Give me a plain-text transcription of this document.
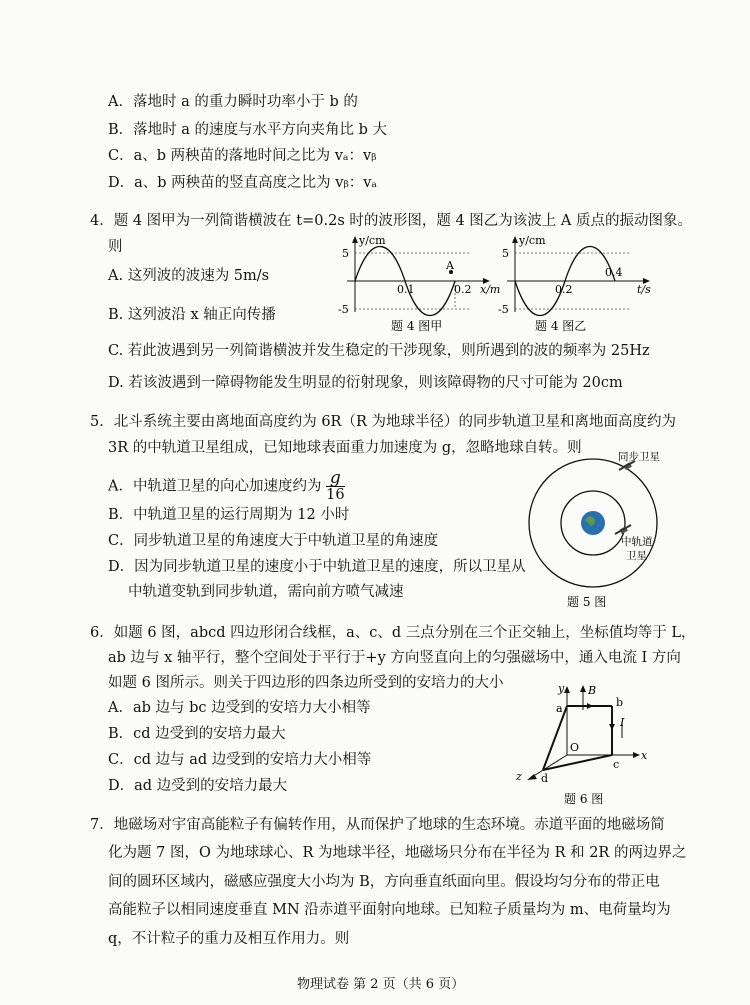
A．落地时 a 的重力瞬时功率小于 b 的
B．落地时 a 的速度与水平方向夹角比 b 大
C．a、b 两秧苗的落地时间之比为 vₐ：vᵦ
D．a、b 两秧苗的竖直高度之比为 vᵦ：vₐ
4．题 4 图甲为一列简谐横波在 t=0.2s 时的波形图，题 4 图乙为该波上 A 质点的振动图象。
则
A. 这列波的波速为 5m/s
B. 这列波沿 x 轴正向传播
C. 若此波遇到另一列简谐横波并发生稳定的干涉现象，则所遇到的波的频率为 25Hz
D. 若该波遇到一障碍物能发生明显的衍射现象，则该障碍物的尺寸可能为 20cm
y/cm
5
-5
0.1	0.2
A
x/m
题 4 图甲
y/cm
5
-5
0.2
0.4
t/s
题 4 图乙
5．北斗系统主要由离地面高度约为 6R（R 为地球半径）的同步轨道卫星和离地面高度约为
3R 的中轨道卫星组成，已知地球表面重力加速度为 g，忽略地球自转。则
A．中轨道卫星的向心加速度约为 $\frac{g}{16}$
B．中轨道卫星的运行周期为 12 小时
C．同步轨道卫星的角速度大于中轨道卫星的角速度
D．因为同步轨道卫星的速度小于中轨道卫星的速度，所以卫星从
中轨道变轨到同步轨道，需向前方喷气减速
同步卫星
中轨道
卫星
题 5 图
6．如题 6 图，abcd 四边形闭合线框，a、c、d 三点分别在三个正交轴上，坐标值均等于 L，
ab 边与 x 轴平行，整个空间处于平行于+y 方向竖直向上的匀强磁场中，通入电流 I 方向
如题 6 图所示。则关于四边形的四条边所受到的安培力的大小
A．ab 边与 bc 边受到的安培力大小相等
B．cd 边受到的安培力最大
C．cd 边与 ad 边受到的安培力大小相等
D．ad 边受到的安培力最大
y B
a	b
I
O
x
c
z d
题 6 图
7．地磁场对宇宙高能粒子有偏转作用，从而保护了地球的生态环境。赤道平面的地磁场简
化为题 7 图，O 为地球球心、R 为地球半径，地磁场只分布在半径为 R 和 2R 的两边界之
间的圆环区域内，磁感应强度大小均为 B，方向垂直纸面向里。假设均匀分布的带正电
高能粒子以相同速度垂直 MN 沿赤道平面射向地球。已知粒子质量均为 m、电荷量均为
q，不计粒子的重力及相互作用力。则
物理试卷 第 2 页（共 6 页）
